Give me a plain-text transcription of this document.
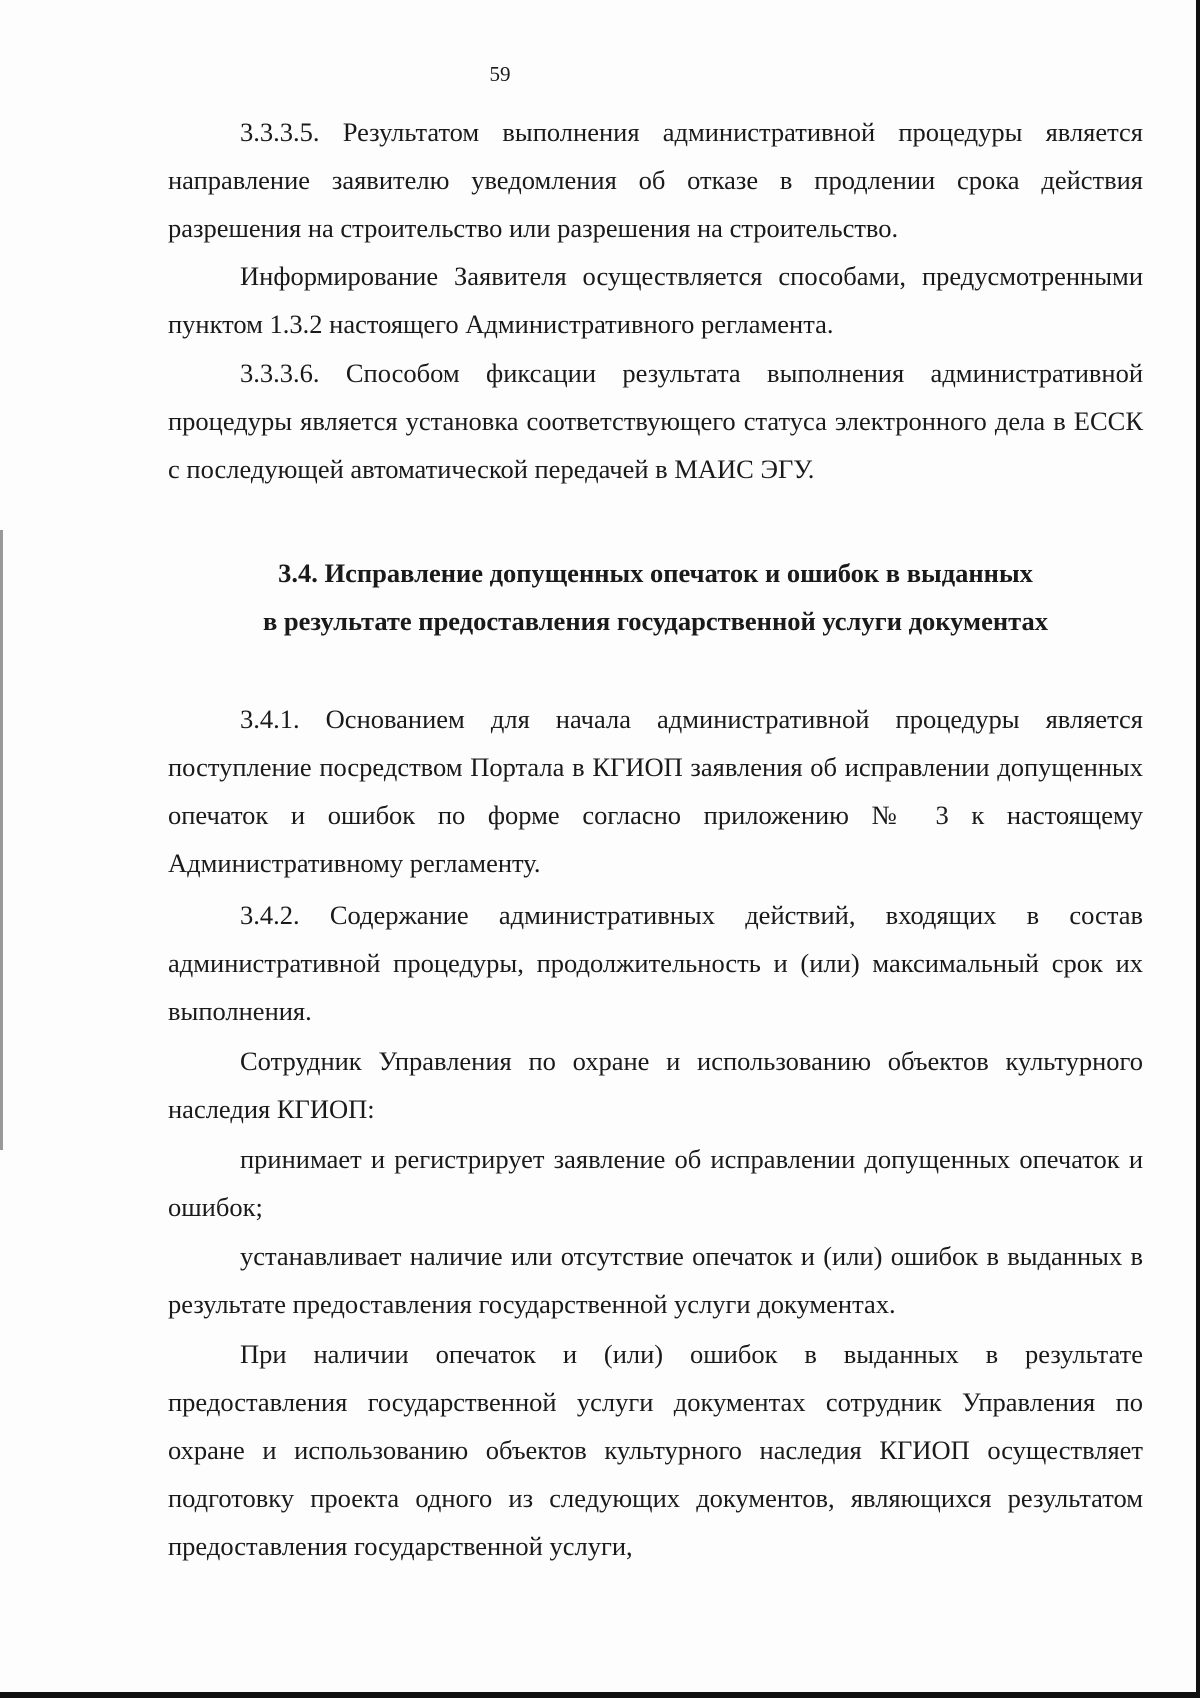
59

3.3.3.5. Результатом выполнения административной процедуры является направление заявителю уведомления об отказе в продлении срока действия разрешения на строительство или разрешения на строительство.

Информирование Заявителя осуществляется способами, предусмотренными пунктом 1.3.2 настоящего Административного регламента.

3.3.3.6. Способом фиксации результата выполнения административной процедуры является установка соответствующего статуса электронного дела в ЕССК с последующей автоматической передачей в МАИС ЭГУ.

3.4. Исправление допущенных опечаток и ошибок в выданных
в результате предоставления государственной услуги документах

3.4.1. Основанием для начала административной процедуры является поступление посредством Портала в КГИОП заявления об исправлении допущенных опечаток и ошибок по форме согласно приложению № 3 к настоящему Административному регламенту.

3.4.2. Содержание административных действий, входящих в состав административной процедуры, продолжительность и (или) максимальный срок их выполнения.

Сотрудник Управления по охране и использованию объектов культурного наследия КГИОП:

принимает и регистрирует заявление об исправлении допущенных опечаток и ошибок;

устанавливает наличие или отсутствие опечаток и (или) ошибок в выданных в результате предоставления государственной услуги документах.

При наличии опечаток и (или) ошибок в выданных в результате предоставления государственной услуги документах сотрудник Управления по охране и использованию объектов культурного наследия КГИОП осуществляет подготовку проекта одного из следующих документов, являющихся результатом предоставления государственной услуги,
